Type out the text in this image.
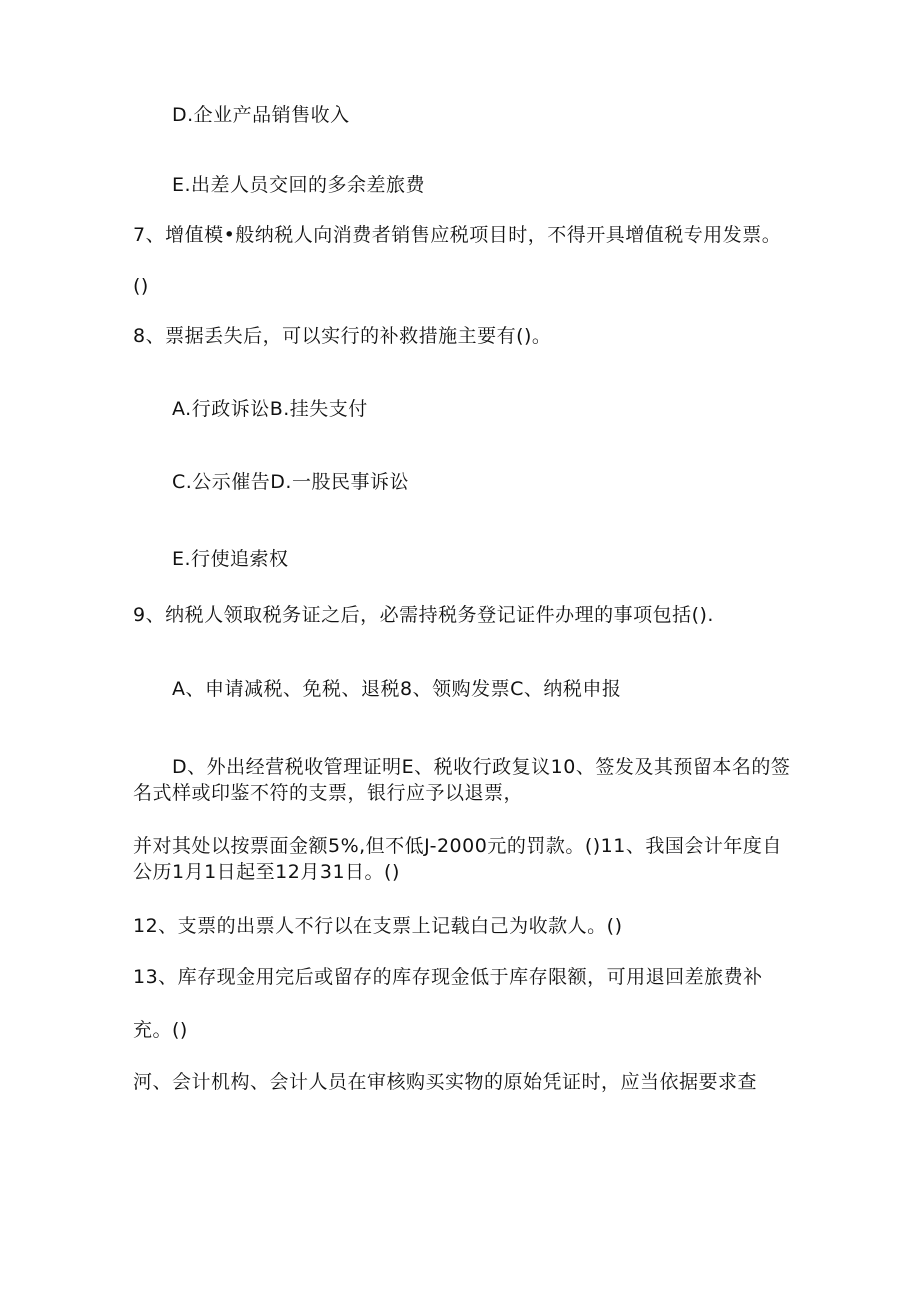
D.企业产品销售收入
E.出差人员交回的多余差旅费
7、增值模•般纳税人向消费者销售应税项目时，不得开具增值税专用发票。
()
8、票据丢失后，可以实行的补救措施主要有()。
A.行政诉讼B.挂失支付
C.公示催告D.一股民事诉讼
E.行使追索权
9、纳税人领取税务证之后，必需持税务登记证件办理的事项包括().
A、申请减税、免税、退税8、领购发票C、纳税申报
D、外出经营税收管理证明E、税收行政复议10、签发及其预留本名的签名式样或印鉴不符的支票，银行应予以退票，
并对其处以按票面金额5%,但不低J-2000元的罚款。()11、我国会计年度自公历1月1日起至12月31日。()
12、支票的出票人不行以在支票上记载白己为收款人。()
13、库存现金用完后或留存的库存现金低于库存限额，可用退回差旅费补
充。()
河、会计机构、会计人员在审核购买实物的原始凭证时，应当依据要求查
